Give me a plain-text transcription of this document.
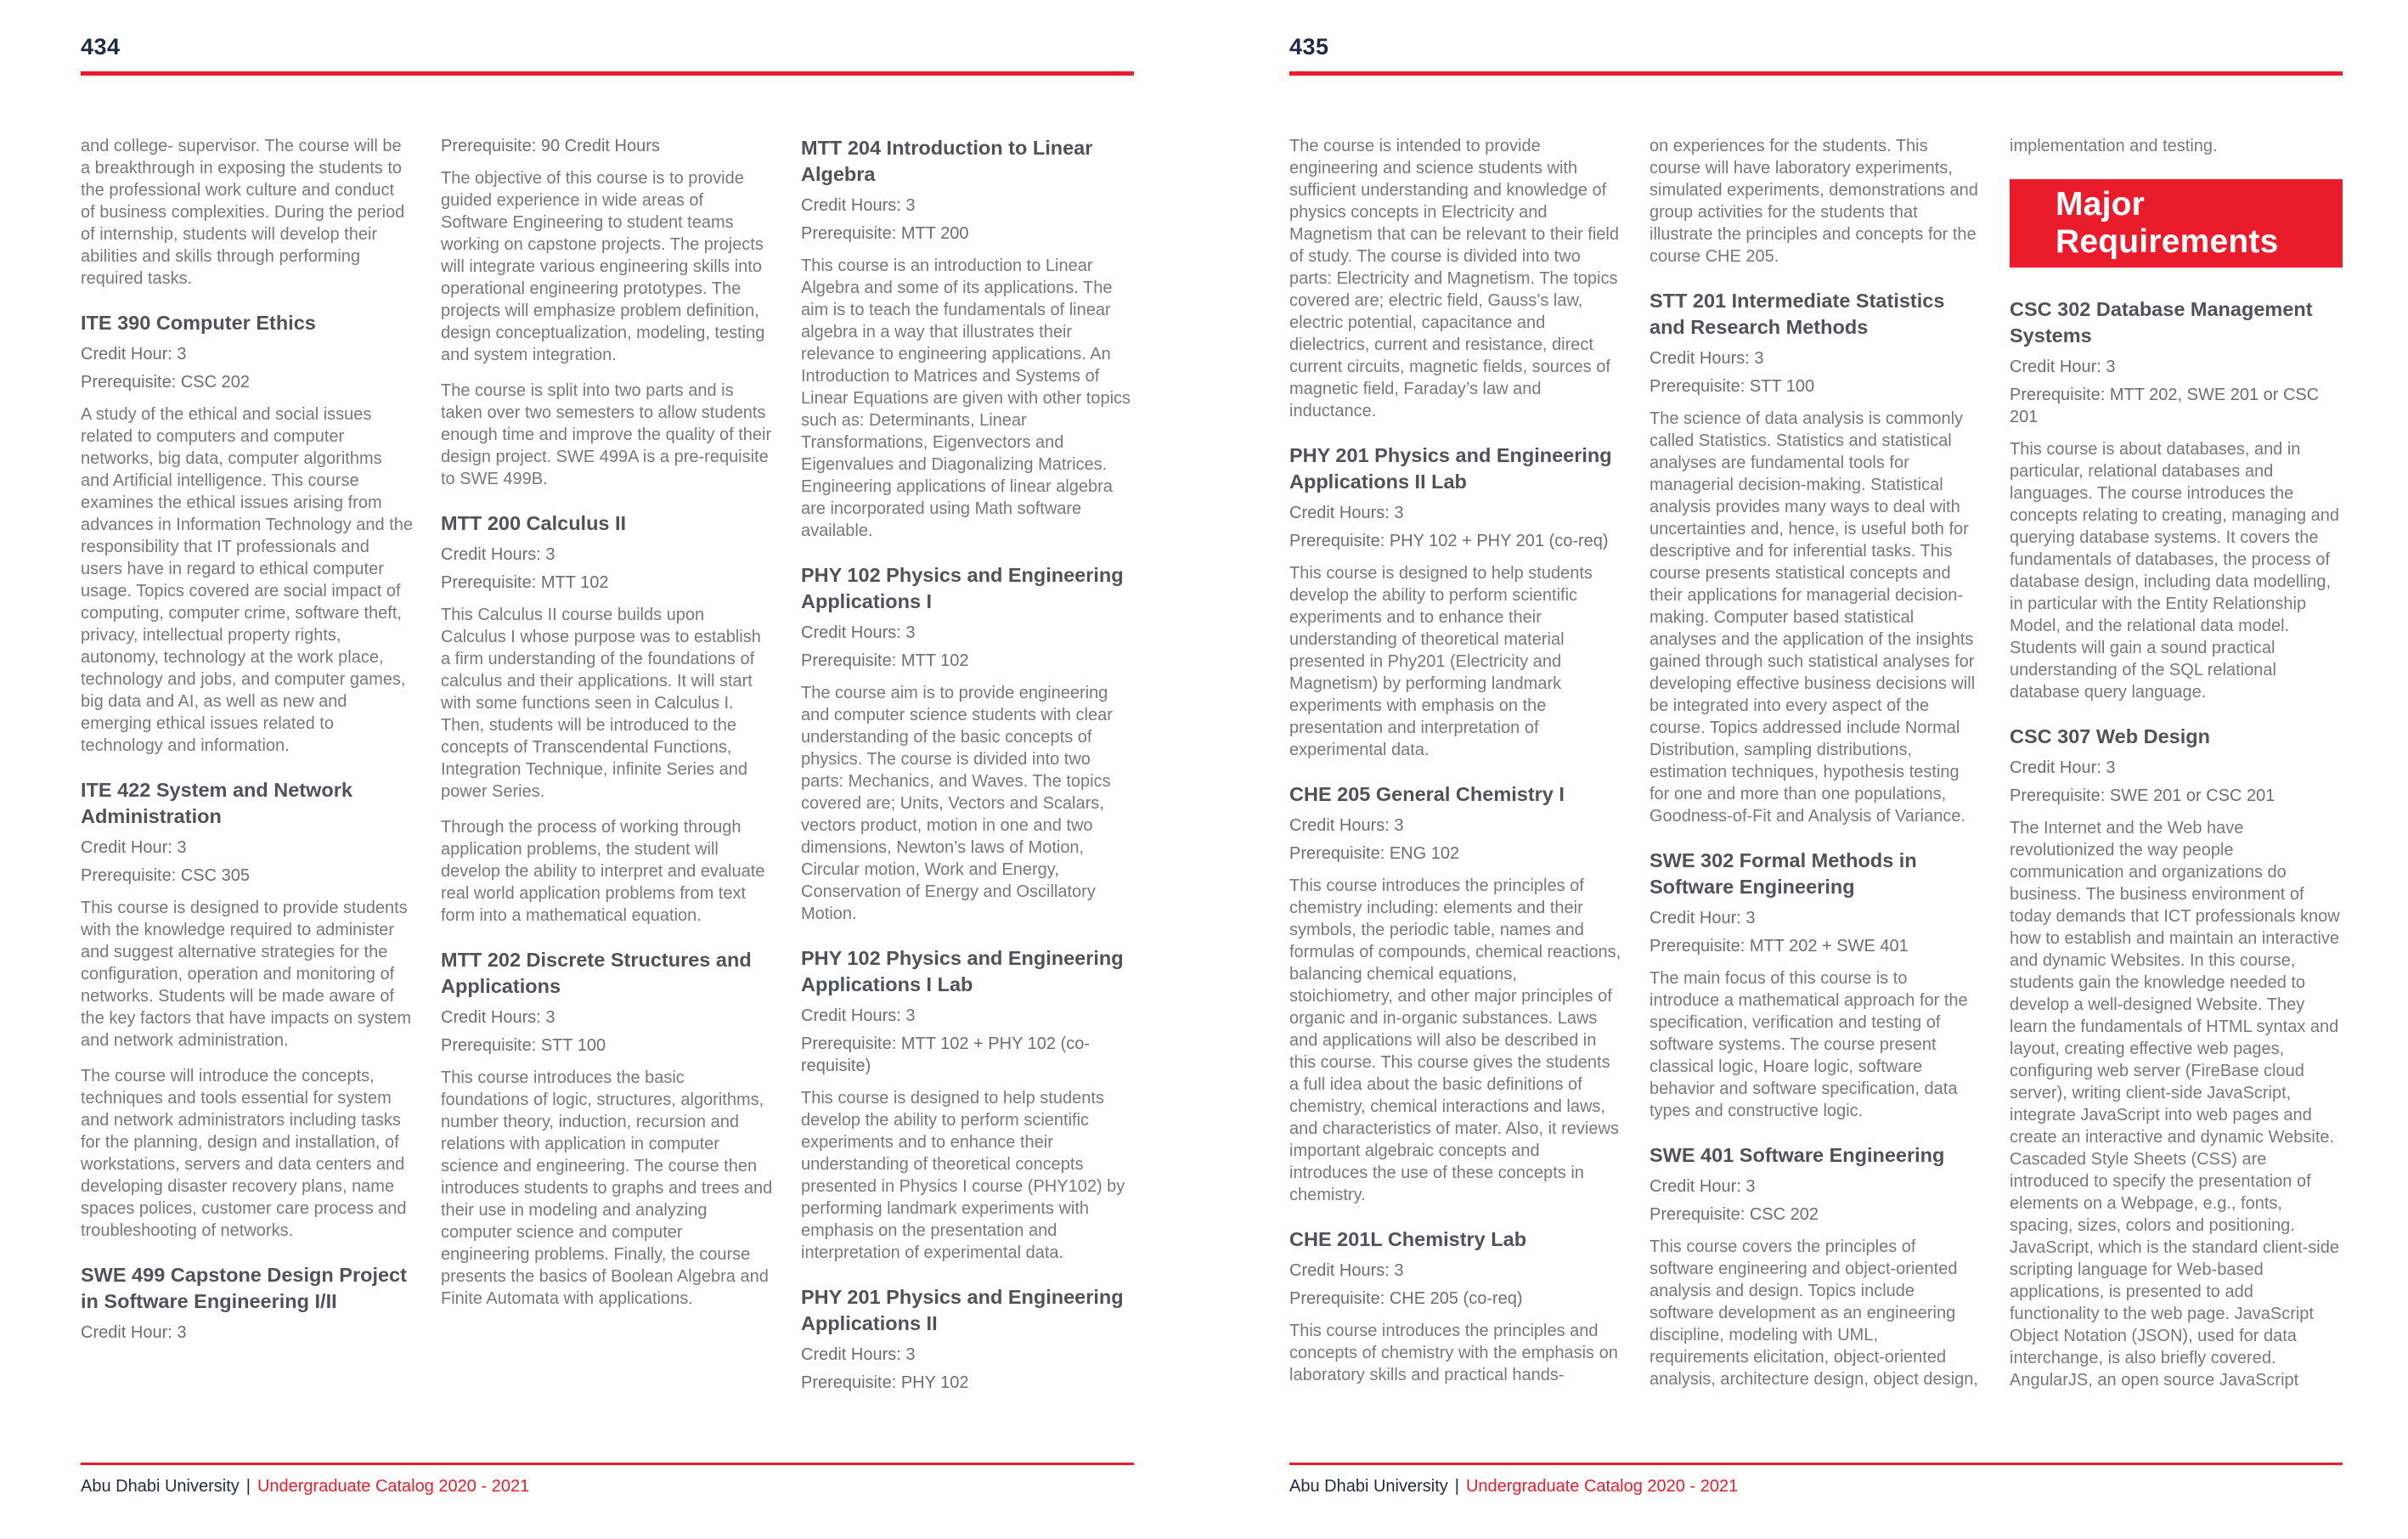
434

and college- supervisor. The course will be a breakthrough in exposing the students to the professional work culture and conduct of business complexities. During the period of internship, students will develop their abilities and skills through performing required tasks.

ITE 390 Computer Ethics
Credit Hour: 3
Prerequisite: CSC 202

A study of the ethical and social issues related to computers and computer networks, big data, computer algorithms and Artificial intelligence. This course examines the ethical issues arising from advances in Information Technology and the responsibility that IT professionals and users have in regard to ethical computer usage. Topics covered are social impact of computing, computer crime, software theft, privacy, intellectual property rights, autonomy, technology at the work place, technology and jobs, and computer games, big data and AI, as well as new and emerging ethical issues related to technology and information.

ITE 422 System and Network Administration
Credit Hour: 3
Prerequisite: CSC 305

This course is designed to provide students with the knowledge required to administer and suggest alternative strategies for the configuration, operation and monitoring of networks. Students will be made aware of the key factors that have impacts on system and network administration.

The course will introduce the concepts, techniques and tools essential for system and network administrators including tasks for the planning, design and installation, of workstations, servers and data centers and developing disaster recovery plans, name spaces polices, customer care process and troubleshooting of networks.

SWE 499 Capstone Design Project in Software Engineering I/II
Credit Hour: 3
Prerequisite: 90 Credit Hours

The objective of this course is to provide guided experience in wide areas of Software Engineering to student teams working on capstone projects. The projects will integrate various engineering skills into operational engineering prototypes. The projects will emphasize problem definition, design conceptualization, modeling, testing and system integration.

The course is split into two parts and is taken over two semesters to allow students enough time and improve the quality of their design project. SWE 499A is a pre-requisite to SWE 499B.

MTT 200 Calculus II
Credit Hours: 3
Prerequisite: MTT 102

This Calculus II course builds upon Calculus I whose purpose was to establish a firm understanding of the foundations of calculus and their applications. It will start with some functions seen in Calculus I. Then, students will be introduced to the concepts of Transcendental Functions, Integration Technique, infinite Series and power Series.

Through the process of working through application problems, the student will develop the ability to interpret and evaluate real world application problems from text form into a mathematical equation.

MTT 202 Discrete Structures and Applications
Credit Hours: 3
Prerequisite: STT 100

This course introduces the basic foundations of logic, structures, algorithms, number theory, induction, recursion and relations with application in computer science and engineering. The course then introduces students to graphs and trees and their use in modeling and analyzing computer science and computer engineering problems. Finally, the course presents the basics of Boolean Algebra and Finite Automata with applications.

MTT 204 Introduction to Linear Algebra
Credit Hours: 3
Prerequisite: MTT 200

This course is an introduction to Linear Algebra and some of its applications. The aim is to teach the fundamentals of linear algebra in a way that illustrates their relevance to engineering applications. An Introduction to Matrices and Systems of Linear Equations are given with other topics such as: Determinants, Linear Transformations, Eigenvectors and Eigenvalues and Diagonalizing Matrices. Engineering applications of linear algebra are incorporated using Math software available.

PHY 102 Physics and Engineering Applications I
Credit Hours: 3
Prerequisite: MTT 102

The course aim is to provide engineering and computer science students with clear understanding of the basic concepts of physics. The course is divided into two parts: Mechanics, and Waves. The topics covered are; Units, Vectors and Scalars, vectors product, motion in one and two dimensions, Newton’s laws of Motion, Circular motion, Work and Energy, Conservation of Energy and Oscillatory Motion.

PHY 102 Physics and Engineering Applications I Lab
Credit Hours: 3
Prerequisite: MTT 102 + PHY 102 (co-requisite)

This course is designed to help students develop the ability to perform scientific experiments and to enhance their understanding of theoretical concepts presented in Physics I course (PHY102) by performing landmark experiments with emphasis on the presentation and interpretation of experimental data.

PHY 201 Physics and Engineering Applications II
Credit Hours: 3
Prerequisite: PHY 102
Abu Dhabi University | Undergraduate Catalog 2020 - 2021
435

The course is intended to provide engineering and science students with sufficient understanding and knowledge of physics concepts in Electricity and Magnetism that can be relevant to their field of study. The course is divided into two parts: Electricity and Magnetism. The topics covered are; electric field, Gauss’s law, electric potential, capacitance and dielectrics, current and resistance, direct current circuits, magnetic fields, sources of magnetic field, Faraday’s law and inductance.

PHY 201 Physics and Engineering Applications II Lab
Credit Hours: 3
Prerequisite: PHY 102 + PHY 201 (co-req)

This course is designed to help students develop the ability to perform scientific experiments and to enhance their understanding of theoretical material presented in Phy201 (Electricity and Magnetism) by performing landmark experiments with emphasis on the presentation and interpretation of experimental data.

CHE 205 General Chemistry I
Credit Hours: 3
Prerequisite: ENG 102

This course introduces the principles of chemistry including: elements and their symbols, the periodic table, names and formulas of compounds, chemical reactions, balancing chemical equations, stoichiometry, and other major principles of organic and in-organic substances. Laws and applications will also be described in this course. This course gives the students a full idea about the basic definitions of chemistry, chemical interactions and laws, and characteristics of mater. Also, it reviews important algebraic concepts and introduces the use of these concepts in chemistry.

CHE 201L Chemistry Lab
Credit Hours: 3
Prerequisite: CHE 205 (co-req)

This course introduces the principles and concepts of chemistry with the emphasis on laboratory skills and practical hands-

on experiences for the students. This course will have laboratory experiments, simulated experiments, demonstrations and group activities for the students that illustrate the principles and concepts for the course CHE 205.

STT 201 Intermediate Statistics and Research Methods
Credit Hours: 3
Prerequisite: STT 100

The science of data analysis is commonly called Statistics. Statistics and statistical analyses are fundamental tools for managerial decision-making. Statistical analysis provides many ways to deal with uncertainties and, hence, is useful both for descriptive and for inferential tasks. This course presents statistical concepts and their applications for managerial decision-making. Computer based statistical analyses and the application of the insights gained through such statistical analyses for developing effective business decisions will be integrated into every aspect of the course. Topics addressed include Normal Distribution, sampling distributions, estimation techniques, hypothesis testing for one and more than one populations, Goodness-of-Fit and Analysis of Variance.

SWE 302 Formal Methods in Software Engineering
Credit Hour: 3
Prerequisite: MTT 202 + SWE 401

The main focus of this course is to introduce a mathematical approach for the specification, verification and testing of software systems. The course present classical logic, Hoare logic, software behavior and software specification, data types and constructive logic.

SWE 401 Software Engineering
Credit Hour: 3
Prerequisite: CSC 202

This course covers the principles of software engineering and object-oriented analysis and design. Topics include software development as an engineering discipline, modeling with UML, requirements elicitation, object-oriented analysis, architecture design, object design,

implementation and testing.

Major Requirements
CSC 302 Database Management Systems
Credit Hour: 3
Prerequisite: MTT 202, SWE 201 or CSC 201

This course is about databases, and in particular, relational databases and languages. The course introduces the concepts relating to creating, managing and querying database systems. It covers the fundamentals of databases, the process of database design, including data modelling, in particular with the Entity Relationship Model, and the relational data model. Students will gain a sound practical understanding of the SQL relational database query language.

CSC 307 Web Design
Credit Hour: 3
Prerequisite: SWE 201 or CSC 201

The Internet and the Web have revolutionized the way people communication and organizations do business. The business environment of today demands that ICT professionals know how to establish and maintain an interactive and dynamic Websites. In this course, students gain the knowledge needed to develop a well-designed Website. They learn the fundamentals of HTML syntax and layout, creating effective web pages, configuring web server (FireBase cloud server), writing client-side JavaScript, integrate JavaScript into web pages and create an interactive and dynamic Website. Cascaded Style Sheets (CSS) are introduced to specify the presentation of elements on a Webpage, e.g., fonts, spacing, sizes, colors and positioning. JavaScript, which is the standard client-side scripting language for Web-based applications, is presented to add functionality to the web page. JavaScript Object Notation (JSON), used for data interchange, is also briefly covered. AngularJS, an open source JavaScript

Abu Dhabi University | Undergraduate Catalog 2020 - 2021
